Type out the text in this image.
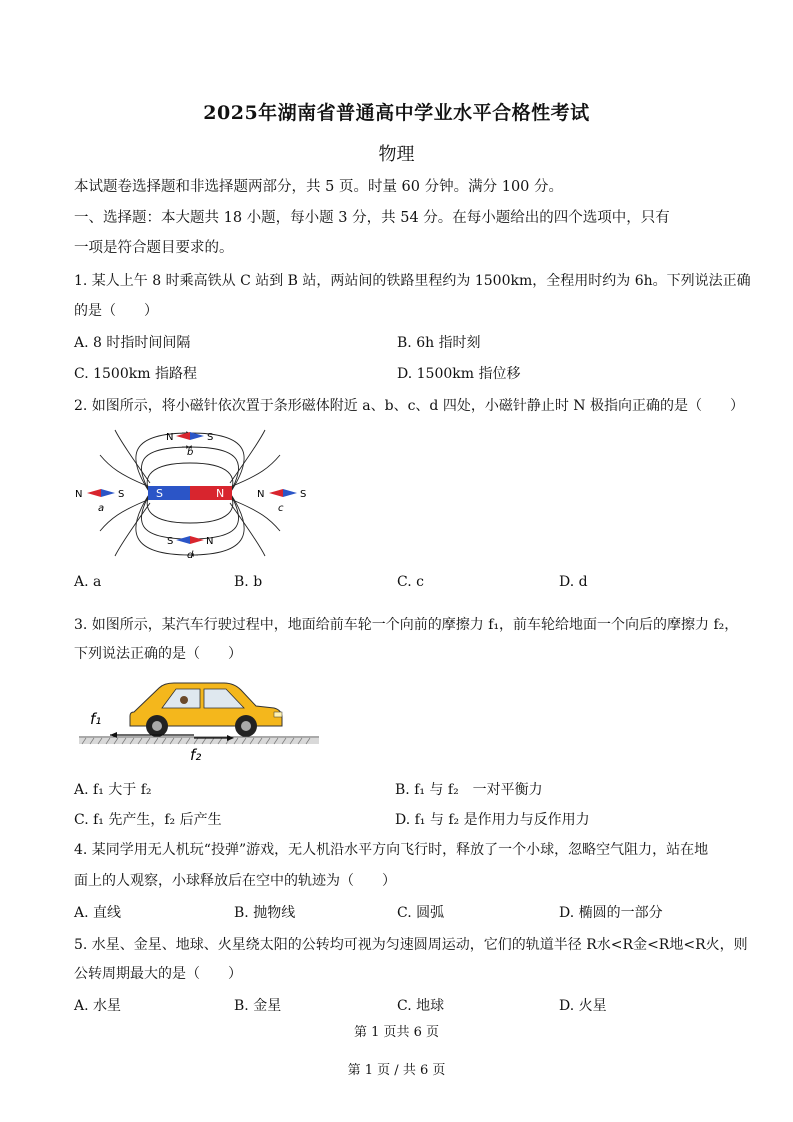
2025年湖南省普通高中学业水平合格性考试
物理
本试题卷选择题和非选择题两部分，共 5 页。时量 60 分钟。满分 100 分。
一、选择题：本大题共 18 小题，每小题 3 分，共 54 分。在每小题给出的四个选项中，只有
一项是符合题目要求的。
1. 某人上午 8 时乘高铁从 C 站到 B 站，两站间的铁路里程约为 1500km，全程用时约为 6h。下列说法正确
的是（　　）
A. 8 时指时间间隔	B. 6h 指时刻
C. 1500km 指路程	D. 1500km 指位移
2. 如图所示，将小磁针依次置于条形磁体附近 a、b、c、d 四处，小磁针静止时 N 极指向正确的是（　　）
S	N
N	S
b
N	S
a
N	S
c
S	N
d
A. a	B. b	C. c	D. d
3. 如图所示，某汽车行驶过程中，地面给前车轮一个向前的摩擦力 f₁，前车轮给地面一个向后的摩擦力 f₂，
下列说法正确的是（　　）
f₁
f₂
A. f₁ 大于 f₂	B. f₁ 与 f₂　一对平衡力
C. f₁ 先产生，f₂ 后产生	D. f₁ 与 f₂ 是作用力与反作用力
4. 某同学用无人机玩“投弹”游戏，无人机沿水平方向飞行时，释放了一个小球，忽略空气阻力，站在地
面上的人观察，小球释放后在空中的轨迹为（　　）
A. 直线	B. 抛物线	C. 圆弧	D. 椭圆的一部分
5. 水星、金星、地球、火星绕太阳的公转均可视为匀速圆周运动，它们的轨道半径 R水<R金<R地<R火，则
公转周期最大的是（　　）
A. 水星	B. 金星	C. 地球	D. 火星
第 1 页共 6 页
第 1 页 / 共 6 页
